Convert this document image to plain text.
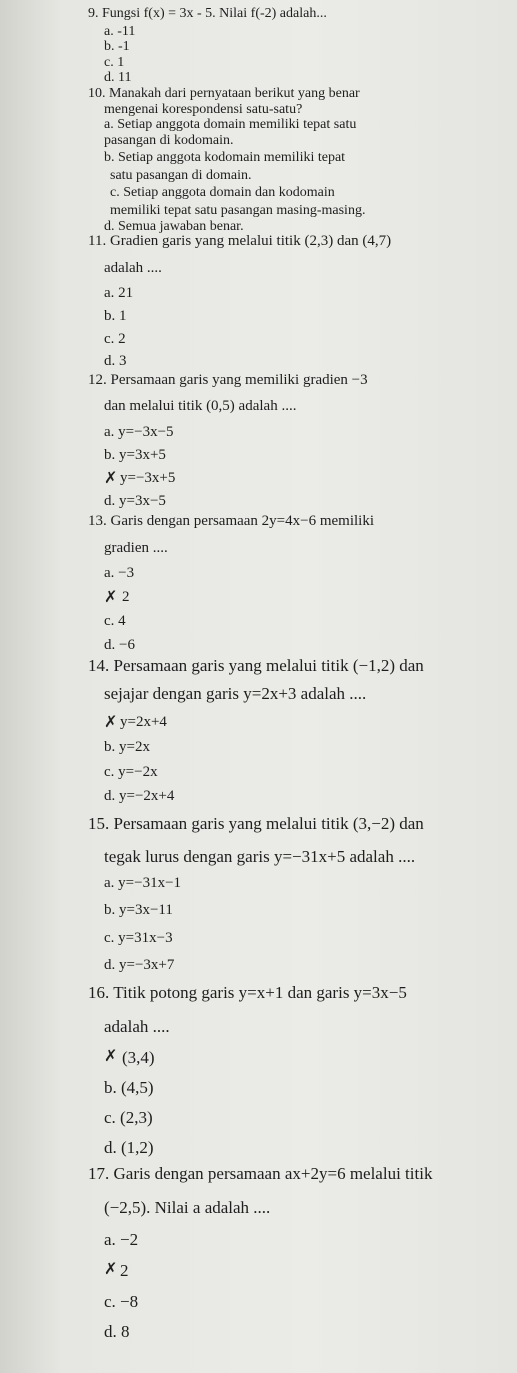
9. Fungsi f(x) = 3x - 5. Nilai f(-2) adalah...
a. -11
b. -1
c. 1
d. 11
10. Manakah dari pernyataan berikut yang benar
mengenai korespondensi satu-satu?
a. Setiap anggota domain memiliki tepat satu
pasangan di kodomain.
b. Setiap anggota kodomain memiliki tepat
satu pasangan di domain.
c. Setiap anggota domain dan kodomain
memiliki tepat satu pasangan masing-masing.
d. Semua jawaban benar.
11. Gradien garis yang melalui titik (2,3) dan (4,7)
adalah ....
a. 21
b. 1
c. 2
d. 3
12. Persamaan garis yang memiliki gradien −3
dan melalui titik (0,5) adalah ....
a. y=−3x−5
b. y=3x+5
✗ y=−3x+5
d. y=3x−5
13. Garis dengan persamaan 2y=4x−6 memiliki
gradien ....
a. −3
✗ 2
c. 4
d. −6
14. Persamaan garis yang melalui titik (−1,2) dan
sejajar dengan garis y=2x+3 adalah ....
✗ y=2x+4
b. y=2x
c. y=−2x
d. y=−2x+4
15. Persamaan garis yang melalui titik (3,−2) dan
tegak lurus dengan garis y=−31x+5 adalah ....
a. y=−31x−1
b. y=3x−11
c. y=31x−3
d. y=−3x+7
16. Titik potong garis y=x+1 dan garis y=3x−5
adalah ....
✗ (3,4)
b. (4,5)
c. (2,3)
d. (1,2)
17. Garis dengan persamaan ax+2y=6 melalui titik
(−2,5). Nilai a adalah ....
a. −2
✗ 2
c. −8
d. 8
